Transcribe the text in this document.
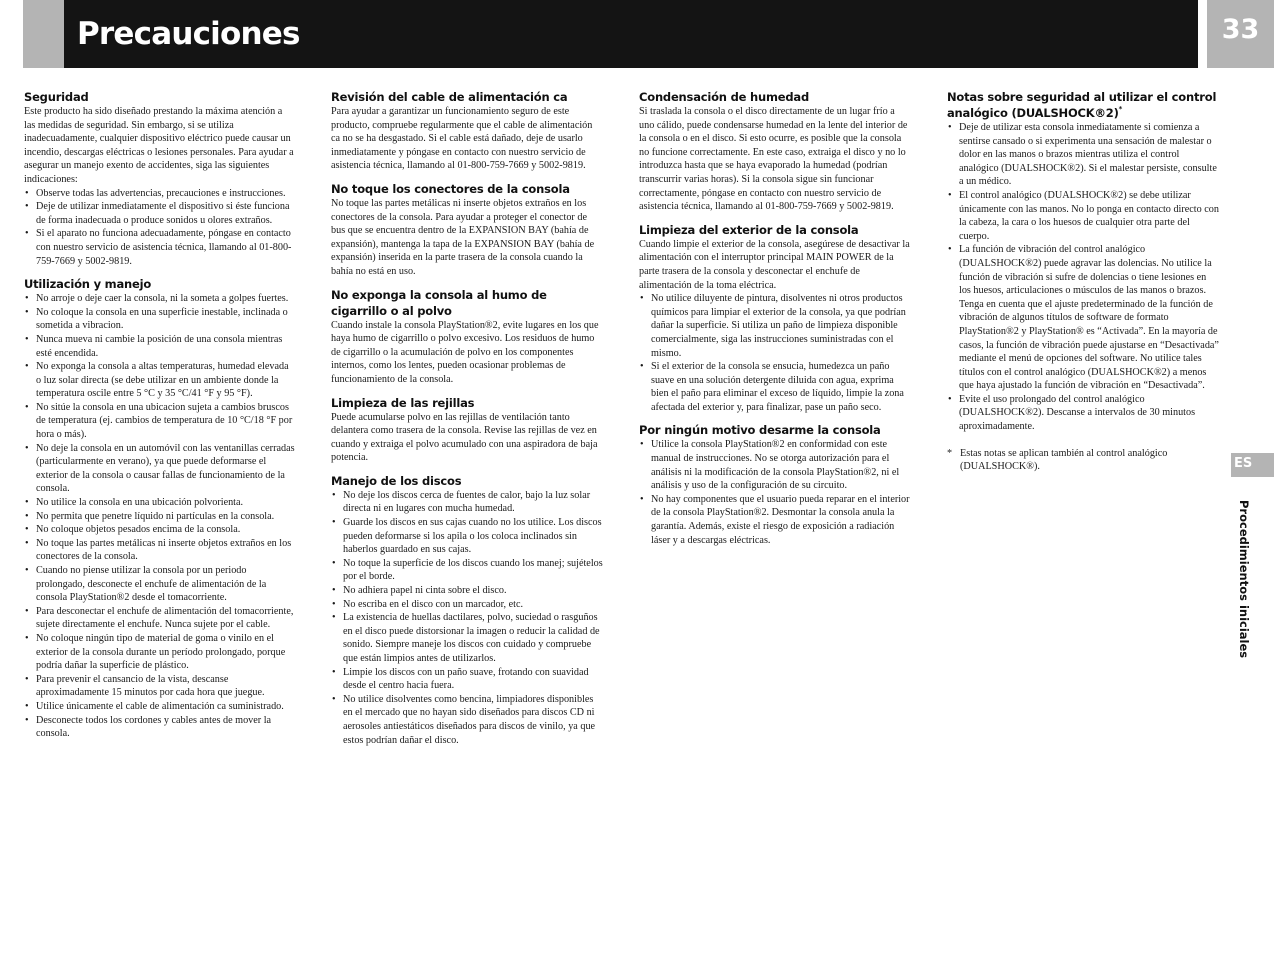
Precauciones	33
Seguridad

Este producto ha sido diseñado prestando la máxima atención a las medidas de seguridad. Sin embargo, si se utiliza inadecuadamente, cualquier dispositivo eléctrico puede causar un incendio, descargas eléctricas o lesiones personales. Para ayudar a asegurar un manejo exento de accidentes, siga las siguientes indicaciones:

• Observe todas las advertencias, precauciones e instrucciones.
• Deje de utilizar inmediatamente el dispositivo si éste funciona de forma inadecuada o produce sonidos u olores extraños.
• Si el aparato no funciona adecuadamente, póngase en contacto con nuestro servicio de asistencia técnica, llamando al 01-800-759-7669 y 5002-9819.
Utilización y manejo
• No arroje o deje caer la consola, ni la someta a golpes fuertes.
• No coloque la consola en una superficie inestable, inclinada o sometida a vibracion.
• Nunca mueva ni cambie la posición de una consola mientras esté encendida.
• No exponga la consola a altas temperaturas, humedad elevada o luz solar directa (se debe utilizar en un ambiente donde la temperatura oscile entre 5 °C y 35 °C/41 °F y 95 °F).
• No sitúe la consola en una ubicacion sujeta a cambios bruscos de temperatura (ej. cambios de temperatura de 10 °C/18 °F por hora o más).
• No deje la consola en un automóvil con las ventanillas cerradas (particularmente en verano), ya que puede deformarse el exterior de la consola o causar fallas de funcionamiento de la consola.
• No utilice la consola en una ubicación polvorienta.
• No permita que penetre líquido ni partículas en la consola.
• No coloque objetos pesados encima de la consola.
• No toque las partes metálicas ni inserte objetos extraños en los conectores de la consola.
• Cuando no piense utilizar la consola por un periodo prolongado, desconecte el enchufe de alimentación de la consola PlayStation®2 desde el tomacorriente.
• Para desconectar el enchufe de alimentación del tomacorriente, sujete directamente el enchufe. Nunca sujete por el cable.
• No coloque ningún tipo de material de goma o vinilo en el exterior de la consola durante un período prolongado, porque podría dañar la superficie de plástico.
• Para prevenir el cansancio de la vista, descanse aproximadamente 15 minutos por cada hora que juegue.
• Utilice únicamente el cable de alimentación ca suministrado.
• Desconecte todos los cordones y cables antes de mover la consola.
Revisión del cable de alimentación ca

Para ayudar a garantizar un funcionamiento seguro de este producto, compruebe regularmente que el cable de alimentación ca no se ha desgastado. Si el cable está dañado, deje de usarlo inmediatamente y póngase en contacto con nuestro servicio de asistencia técnica, llamando al 01-800-759-7669 y 5002-9819.

No toque los conectores de la consola

No toque las partes metálicas ni inserte objetos extraños en los conectores de la consola. Para ayudar a proteger el conector de bus que se encuentra dentro de la EXPANSION BAY (bahía de expansión), mantenga la tapa de la EXPANSION BAY (bahía de expansión) inserida en la parte trasera de la consola cuando la bahía no está en uso.

No exponga la consola al humo de cigarrillo o al polvo

Cuando instale la consola PlayStation®2, evite lugares en los que haya humo de cigarrillo o polvo excesivo. Los residuos de humo de cigarrillo o la acumulación de polvo en los componentes internos, como los lentes, pueden ocasionar problemas de funcionamiento de la consola.

Limpieza de las rejillas

Puede acumularse polvo en las rejillas de ventilación tanto delantera como trasera de la consola. Revise las rejillas de vez en cuando y extraiga el polvo acumulado con una aspiradora de baja potencia.

Manejo de los discos
• No deje los discos cerca de fuentes de calor, bajo la luz solar directa ni en lugares con mucha humedad.
• Guarde los discos en sus cajas cuando no los utilice. Los discos pueden deformarse si los apila o los coloca inclinados sin haberlos guardado en sus cajas.
• No toque la superficie de los discos cuando los manej; sujételos por el borde.
• No adhiera papel ni cinta sobre el disco.
• No escriba en el disco con un marcador, etc.
• La existencia de huellas dactilares, polvo, suciedad o rasguños en el disco puede distorsionar la imagen o reducir la calidad de sonido. Siempre maneje los discos con cuidado y compruebe que están limpios antes de utilizarlos.
• Limpie los discos con un paño suave, frotando con suavidad desde el centro hacia fuera.
• No utilice disolventes como bencina, limpiadores disponibles en el mercado que no hayan sido diseñados para discos CD ni aerosoles antiestáticos diseñados para discos de vinilo, ya que estos podrían dañar el disco.
Condensación de humedad

Si traslada la consola o el disco directamente de un lugar frío a uno cálido, puede condensarse humedad en la lente del interior de la consola o en el disco. Si esto ocurre, es posible que la consola no funcione correctamente. En este caso, extraiga el disco y no lo introduzca hasta que se haya evaporado la humedad (podrían transcurrir varias horas). Si la consola sigue sin funcionar correctamente, póngase en contacto con nuestro servicio de asistencia técnica, llamando al 01-800-759-7669 y 5002-9819.

Limpieza del exterior de la consola

Cuando limpie el exterior de la consola, asegúrese de desactivar la alimentación con el interruptor principal MAIN POWER de la parte trasera de la consola y desconectar el enchufe de alimentación de la toma eléctrica.

• No utilice diluyente de pintura, disolventes ni otros productos químicos para limpiar el exterior de la consola, ya que podrían dañar la superficie. Si utiliza un paño de limpieza disponible comercialmente, siga las instrucciones suministradas con el mismo.
• Si el exterior de la consola se ensucia, humedezca un paño suave en una solución detergente diluida con agua, exprima bien el paño para eliminar el exceso de líquido, limpie la zona afectada del exterior y, para finalizar, pase un paño seco.
Por ningún motivo desarme la consola
• Utilice la consola PlayStation®2 en conformidad con este manual de instrucciones. No se otorga autorización para el análisis ni la modificación de la consola PlayStation®2, ni el análisis y uso de la configuración de su circuito.
• No hay componentes que el usuario pueda reparar en el interior de la consola PlayStation®2. Desmontar la consola anula la garantía. Además, existe el riesgo de exposición a radiación láser y a descargas eléctricas.
Notas sobre seguridad al utilizar el control analógico (DUALSHOCK®2)*
• Deje de utilizar esta consola inmediatamente si comienza a sentirse cansado o si experimenta una sensación de malestar o dolor en las manos o brazos mientras utiliza el control analógico (DUALSHOCK®2). Si el malestar persiste, consulte a un médico.
• El control analógico (DUALSHOCK®2) se debe utilizar únicamente con las manos. No lo ponga en contacto directo con la cabeza, la cara o los huesos de cualquier otra parte del cuerpo.
• La función de vibración del control analógico (DUALSHOCK®2) puede agravar las dolencias. No utilice la función de vibración si sufre de dolencias o tiene lesiones en los huesos, articulaciones o músculos de las manos o brazos. Tenga en cuenta que el ajuste predeterminado de la función de vibración de algunos títulos de software de formato PlayStation®2 y PlayStation® es “Activada”. En la mayoría de casos, la función de vibración puede ajustarse en “Desactivada” mediante el menú de opciones del software. No utilice tales títulos con el control analógico (DUALSHOCK®2) a menos que haya ajustado la función de vibración en “Desactivada”.
• Evite el uso prolongado del control analógico (DUALSHOCK®2). Descanse a intervalos de 30 minutos aproximadamente.
* Estas notas se aplican también al control analógico (DUALSHOCK®).	ES
Procedimientos iniciales
